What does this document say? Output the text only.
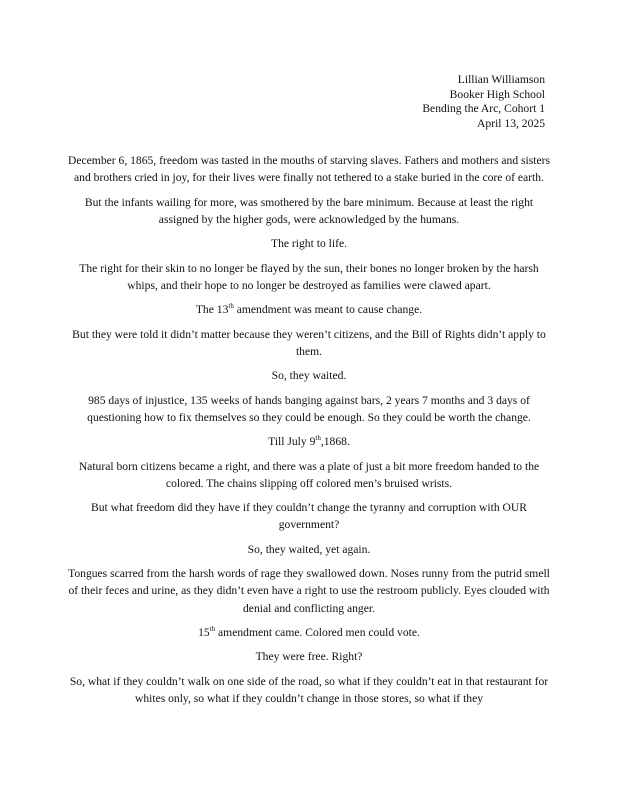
Lillian Williamson
Booker High School
Bending the Arc, Cohort 1
April 13, 2025

December 6, 1865, freedom was tasted in the mouths of starving slaves. Fathers and mothers and sisters and brothers cried in joy, for their lives were finally not tethered to a stake buried in the core of earth.

But the infants wailing for more, was smothered by the bare minimum. Because at least the right assigned by the higher gods, were acknowledged by the humans.

The right to life.

The right for their skin to no longer be flayed by the sun, their bones no longer broken by the harsh whips, and their hope to no longer be destroyed as families were clawed apart.

The 13th amendment was meant to cause change.

But they were told it didn’t matter because they weren’t citizens, and the Bill of Rights didn’t apply to them.

So, they waited.

985 days of injustice, 135 weeks of hands banging against bars, 2 years 7 months and 3 days of questioning how to fix themselves so they could be enough. So they could be worth the change.

Till July 9th,1868.

Natural born citizens became a right, and there was a plate of just a bit more freedom handed to the colored. The chains slipping off colored men’s bruised wrists.

But what freedom did they have if they couldn’t change the tyranny and corruption with OUR government?

So, they waited, yet again.

Tongues scarred from the harsh words of rage they swallowed down. Noses runny from the putrid smell of their feces and urine, as they didn’t even have a right to use the restroom publicly. Eyes clouded with denial and conflicting anger.

15th amendment came. Colored men could vote.

They were free. Right?

So, what if they couldn’t walk on one side of the road, so what if they couldn’t eat in that restaurant for whites only, so what if they couldn’t change in those stores, so what if they
